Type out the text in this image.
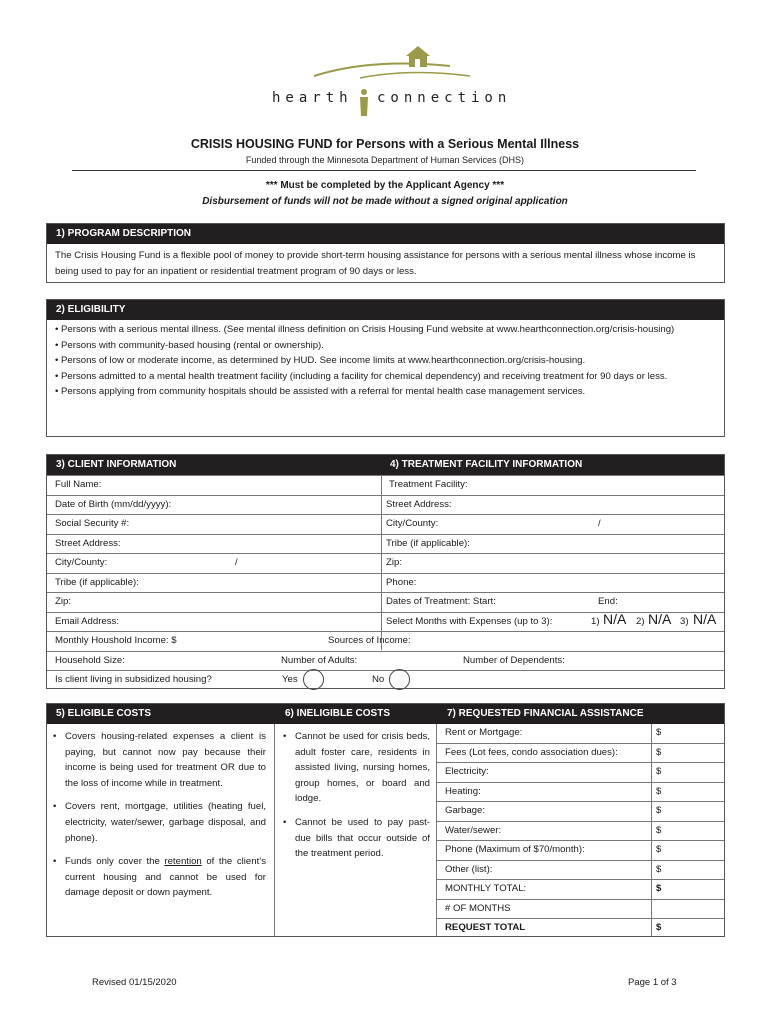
hearth connection
CRISIS HOUSING FUND for Persons with a Serious Mental Illness
Funded through the Minnesota Department of Human Services (DHS)
*** Must be completed by the Applicant Agency ***
Disbursement of funds will not be made without a signed original application
1) PROGRAM DESCRIPTION
The Crisis Housing Fund is a flexible pool of money to provide short-term housing assistance for persons with a serious mental illness whose income is being used to pay for an inpatient or residential treatment program of 90 days or less.
2) ELIGIBILITY
• Persons with a serious mental illness. (See mental illness definition on Crisis Housing Fund website at www.hearthconnection.org/crisis-housing)
• Persons with community-based housing (rental or ownership).
• Persons of low or moderate income, as determined by HUD. See income limits at www.hearthconnection.org/crisis-housing.
• Persons admitted to a mental health treatment facility (including a facility for chemical dependency) and receiving treatment for 90 days or less.
• Persons applying from community hospitals should be assisted with a referral for mental health case management services.
3) CLIENT INFORMATION	4) TREATMENT FACILITY INFORMATION
Full Name:	Treatment Facility:
Date of Birth (mm/dd/yyyy):	Street Address:
Social Security #:	City/County:	/
Street Address:	Tribe (if applicable):
City/County:	/	Zip:
Tribe (if applicable):	Phone:
Zip:	Dates of Treatment: Start:	End:
Email Address:	Select Months with Expenses (up to 3):	1) N/A 2) N/A 3) N/A
Monthly Houshold Income: $	Sources of Income:
Household Size:	Number of Adults:	Number of Dependents:
Is client living in subsidized housing?	Yes	No
5) ELIGIBLE COSTS	6) INELIGIBLE COSTS	7) REQUESTED FINANCIAL ASSISTANCE
• Covers housing-related expenses a client is paying, but cannot now pay because their income is being used for treatment OR due to the loss of income while in treatment.
• Covers rent, mortgage, utilities (heating fuel, electricity, water/sewer, garbage disposal, and phone).
• Funds only cover the retention of the client’s current housing and cannot be used for damage deposit or down payment.
• Cannot be used for crisis beds, adult foster care, residents in assisted living, nursing homes, group homes, or board and lodge.
• Cannot be used to pay past-due bills that occur outside of the treatment period.
Rent or Mortgage:	$
Fees (Lot fees, condo association dues):	$
Electricity:	$
Heating:	$
Garbage:	$
Water/sewer:	$
Phone (Maximum of $70/month):	$
Other (list):	$
MONTHLY TOTAL:	$
# OF MONTHS
REQUEST TOTAL	$
Revised 01/15/2020	Page 1 of 3
